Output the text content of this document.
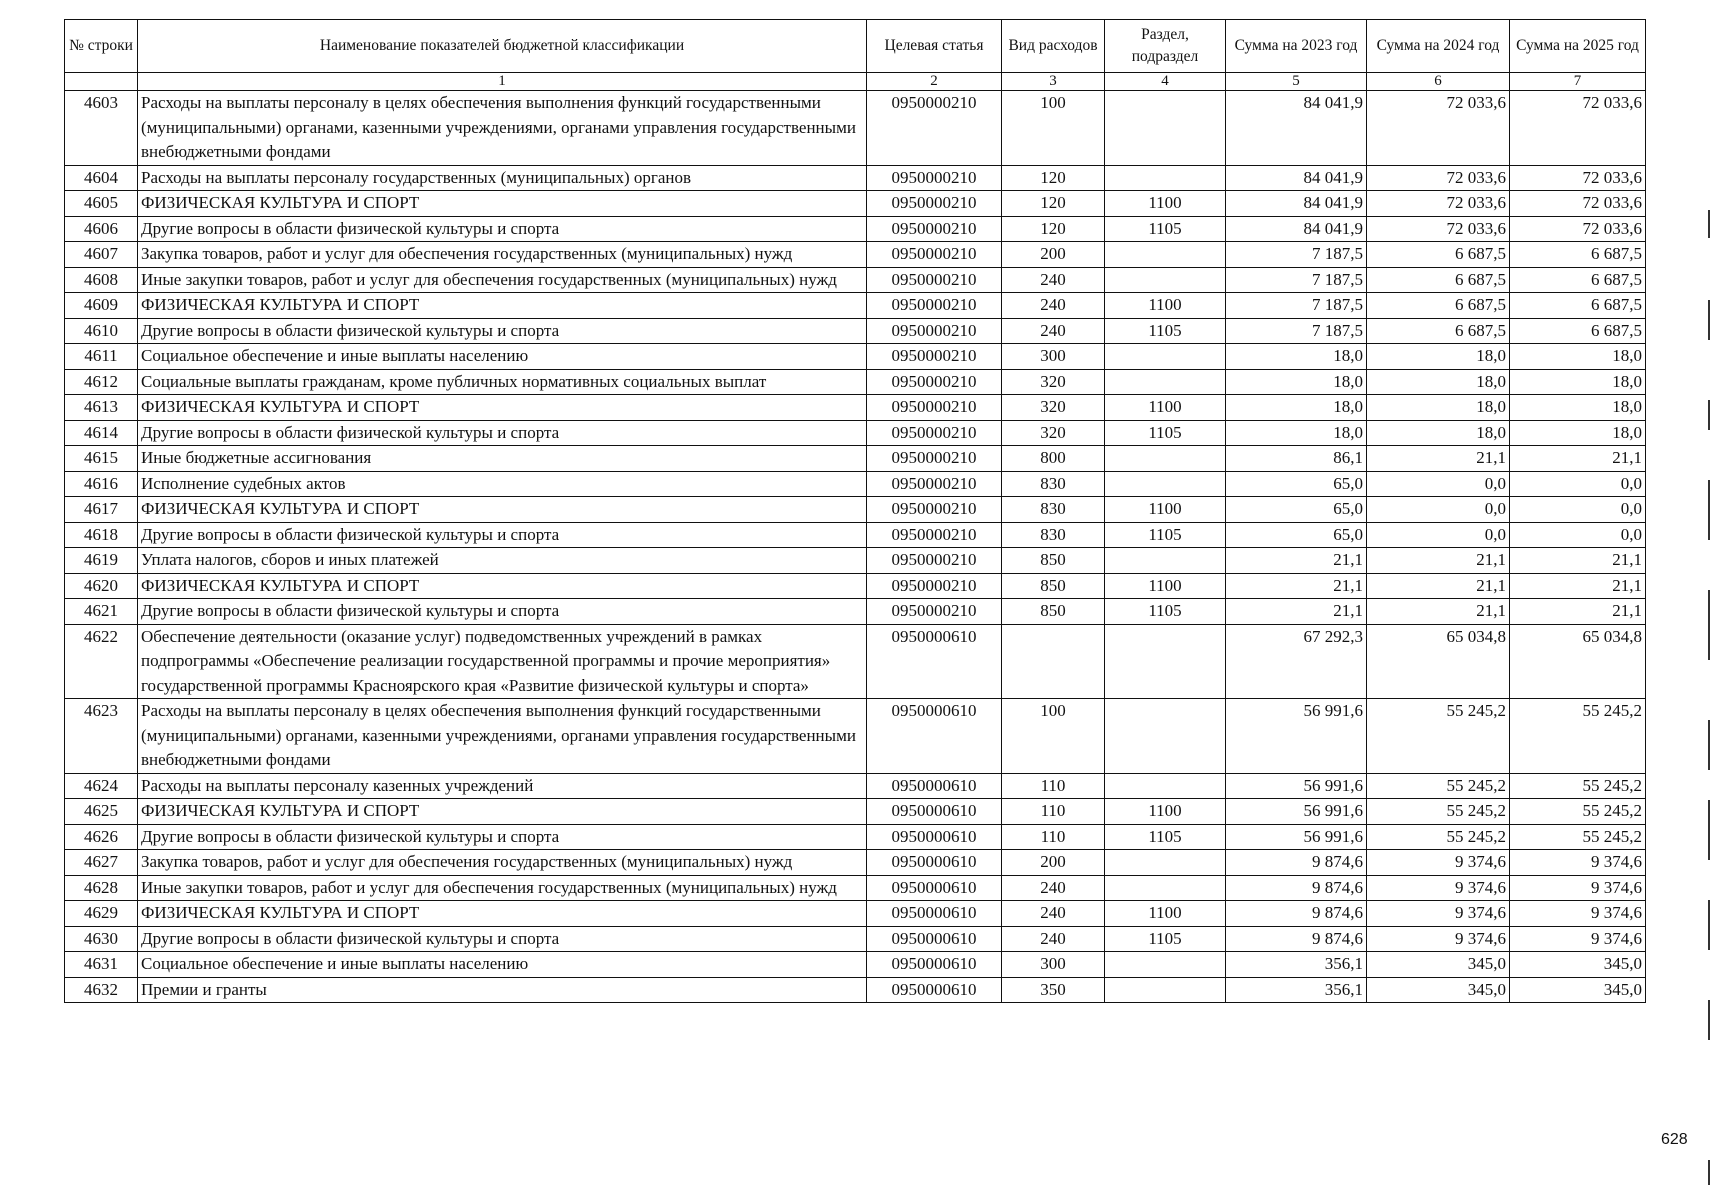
№ строки	Наименование показателей бюджетной классификации	Целевая статья	Вид расходов	Раздел, подраздел	Сумма на 2023 год	Сумма на 2024 год	Сумма на 2025 год
	1	2	3	4	5	6	7
4603	Расходы на выплаты персоналу в целях обеспечения выполнения функций государственными (муниципальными) органами, казенными учреждениями, органами управления государственными внебюджетными фондами	0950000210	100		84 041,9	72 033,6	72 033,6
4604	Расходы на выплаты персоналу государственных (муниципальных) органов	0950000210	120		84 041,9	72 033,6	72 033,6
4605	ФИЗИЧЕСКАЯ КУЛЬТУРА И СПОРТ	0950000210	120	1100	84 041,9	72 033,6	72 033,6
4606	Другие вопросы в области физической культуры и спорта	0950000210	120	1105	84 041,9	72 033,6	72 033,6
4607	Закупка товаров, работ и услуг для обеспечения государственных (муниципальных) нужд	0950000210	200		7 187,5	6 687,5	6 687,5
4608	Иные закупки товаров, работ и услуг для обеспечения государственных (муниципальных) нужд	0950000210	240		7 187,5	6 687,5	6 687,5
4609	ФИЗИЧЕСКАЯ КУЛЬТУРА И СПОРТ	0950000210	240	1100	7 187,5	6 687,5	6 687,5
4610	Другие вопросы в области физической культуры и спорта	0950000210	240	1105	7 187,5	6 687,5	6 687,5
4611	Социальное обеспечение и иные выплаты населению	0950000210	300		18,0	18,0	18,0
4612	Социальные выплаты гражданам, кроме публичных нормативных социальных выплат	0950000210	320		18,0	18,0	18,0
4613	ФИЗИЧЕСКАЯ КУЛЬТУРА И СПОРТ	0950000210	320	1100	18,0	18,0	18,0
4614	Другие вопросы в области физической культуры и спорта	0950000210	320	1105	18,0	18,0	18,0
4615	Иные бюджетные ассигнования	0950000210	800		86,1	21,1	21,1
4616	Исполнение судебных актов	0950000210	830		65,0	0,0	0,0
4617	ФИЗИЧЕСКАЯ КУЛЬТУРА И СПОРТ	0950000210	830	1100	65,0	0,0	0,0
4618	Другие вопросы в области физической культуры и спорта	0950000210	830	1105	65,0	0,0	0,0
4619	Уплата налогов, сборов и иных платежей	0950000210	850		21,1	21,1	21,1
4620	ФИЗИЧЕСКАЯ КУЛЬТУРА И СПОРТ	0950000210	850	1100	21,1	21,1	21,1
4621	Другие вопросы в области физической культуры и спорта	0950000210	850	1105	21,1	21,1	21,1
4622	Обеспечение деятельности (оказание услуг) подведомственных учреждений в рамках подпрограммы «Обеспечение реализации государственной программы и прочие мероприятия» государственной программы Красноярского края «Развитие физической культуры и спорта»	0950000610			67 292,3	65 034,8	65 034,8
4623	Расходы на выплаты персоналу в целях обеспечения выполнения функций государственными (муниципальными) органами, казенными учреждениями, органами управления государственными внебюджетными фондами	0950000610	100		56 991,6	55 245,2	55 245,2
4624	Расходы на выплаты персоналу казенных учреждений	0950000610	110		56 991,6	55 245,2	55 245,2
4625	ФИЗИЧЕСКАЯ КУЛЬТУРА И СПОРТ	0950000610	110	1100	56 991,6	55 245,2	55 245,2
4626	Другие вопросы в области физической культуры и спорта	0950000610	110	1105	56 991,6	55 245,2	55 245,2
4627	Закупка товаров, работ и услуг для обеспечения государственных (муниципальных) нужд	0950000610	200		9 874,6	9 374,6	9 374,6
4628	Иные закупки товаров, работ и услуг для обеспечения государственных (муниципальных) нужд	0950000610	240		9 874,6	9 374,6	9 374,6
4629	ФИЗИЧЕСКАЯ КУЛЬТУРА И СПОРТ	0950000610	240	1100	9 874,6	9 374,6	9 374,6
4630	Другие вопросы в области физической культуры и спорта	0950000610	240	1105	9 874,6	9 374,6	9 374,6
4631	Социальное обеспечение и иные выплаты населению	0950000610	300		356,1	345,0	345,0
4632	Премии и гранты	0950000610	350		356,1	345,0	345,0
628
